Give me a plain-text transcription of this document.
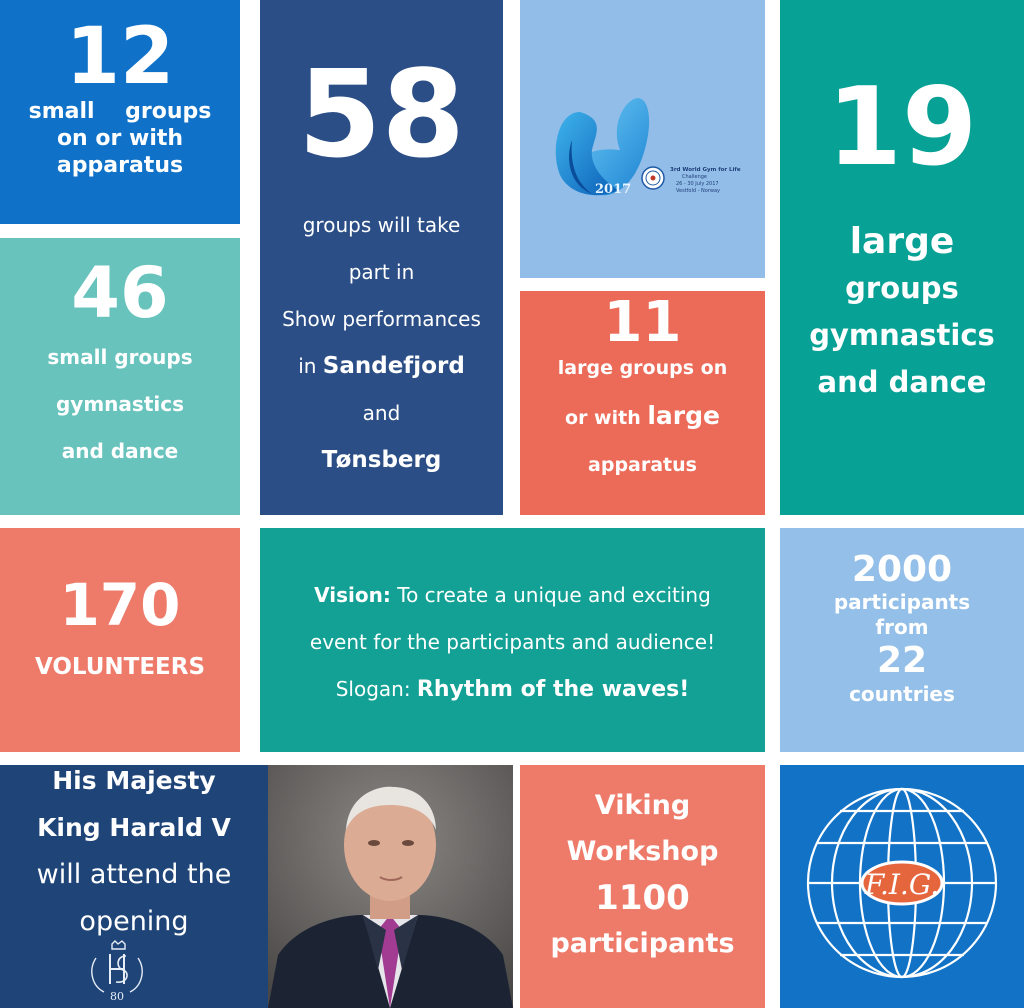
12
small    groups
on or with
apparatus 58
groups will take
part in
Show performances
in Sandefjord
and
Tønsberg
2017
3rd World Gym for Life
Challenge
26 - 30 July 2017
Vestfold - Norway
19
large
groups
gymnastics
and dance
46
small groups
gymnastics
and dance
11
large groups on
or with large
apparatus
170
VOLUNTEERS
Vision: To create a unique and exciting
event for the participants and audience!
Slogan: Rhythm of the waves!
2000
participants
from
22
countries
His Majesty
King Harald V
will attend the
opening
80
Viking
Workshop
1100
participants
F.I.G.
